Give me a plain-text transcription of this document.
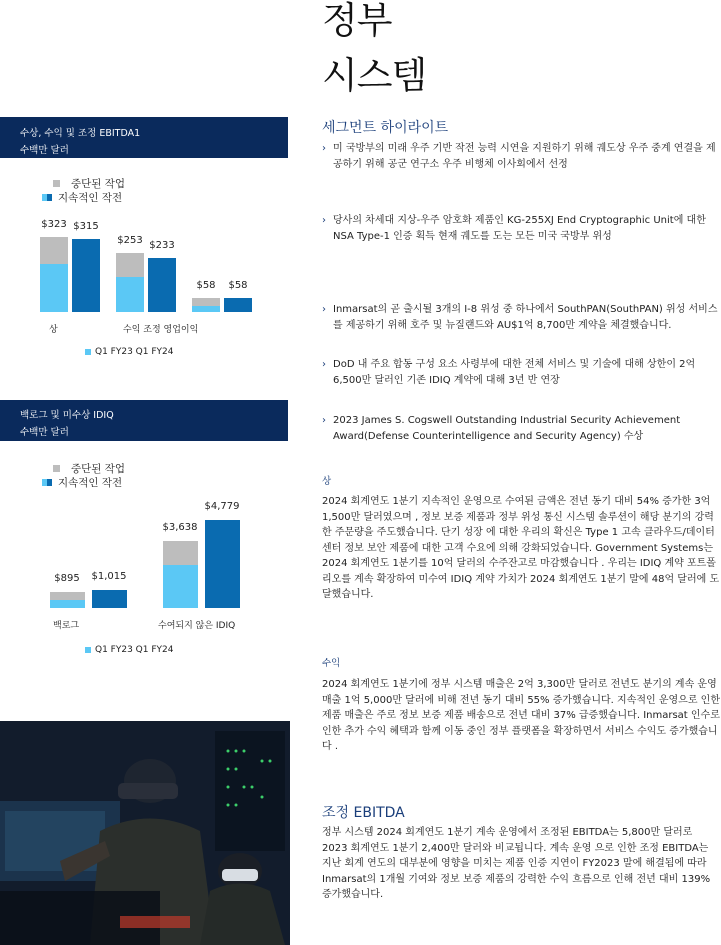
정부
시스템
수상, 수익 및 조정 EBITDA1
수백만 달러
중단된 작업
지속적인 작전
$323 $315
$253 $233
$58	$58
상	수익 조정 영업이익
Q1 FY23 Q1 FY24
백로그 및 미수상 IDIQ
수백만 달러
중단된 작업
지속적인 작전
$895	$1,015
$3,638
$4,779
백로그	수여되지 않은 IDIQ
Q1 FY23 Q1 FY24
세그먼트 하이라이트
› 미 국방부의 미래 우주 기반 작전 능력 시연을 지원하기 위해 궤도상 우주 중계 연결을 제공하기 위해 공군 연구소 우주 비행체 이사회에서 선정
› 당사의 차세대 지상-우주 암호화 제품인 KG-255XJ End Cryptographic Unit에 대한 NSA Type-1 인증 획득 현재 궤도를 도는 모든 미국 국방부 위성
› Inmarsat의 곧 출시될 3개의 I-8 위성 중 하나에서 SouthPAN(SouthPAN) 위성 서비스를 제공하기 위해 호주 및 뉴질랜드와 AU$1억 8,700만 계약을 체결했습니다.
› DoD 내 주요 합동 구성 요소 사령부에 대한 전체 서비스 및 기술에 대해 상한이 2억 6,500만 달러인 기존 IDIQ 계약에 대해 3년 반 연장
› 2023 James S. Cogswell Outstanding Industrial Security Achievement Award(Defense Counterintelligence and Security Agency) 수상
상
2024 회계연도 1분기 지속적인 운영으로 수여된 금액은 전년 동기 대비 54% 증가한 3억 1,500만 달러였으며 , 정보 보증 제품과 정부 위성 통신 시스템 솔루션이 해당 분기의 강력한 주문량을 주도했습니다. 단기 성장 에 대한 우리의 확신은 Type 1 고속 클라우드/데이터 센터 정보 보안 제품에 대한 고객 수요에 의해 강화되었습니다. Government Systems는 2024 회계연도 1분기를 10억 달러의 수주잔고로 마감했습니다 . 우리는 IDIQ 계약 포트폴리오를 계속 확장하여 미수여 IDIQ 계약 가치가 2024 회계연도 1분기 말에 48억 달러에 도달했습니다.
수익
2024 회계연도 1분기에 정부 시스템 매출은 2억 3,300만 달러로 전년도 분기의 계속 운영 매출 1억 5,000만 달러에 비해 전년 동기 대비 55% 증가했습니다. 지속적인 운영으로 인한 제품 매출은 주로 정보 보증 제품 배송으로 전년 대비 37% 급증했습니다. Inmarsat 인수로 인한 추가 수익 혜택과 함께 이동 중인 정부 플랫폼을 확장하면서 서비스 수익도 증가했습니다 .
조정 EBITDA
정부 시스템 2024 회계연도 1분기 계속 운영에서 조정된 EBITDA는 5,800만 달러로 2023 회계연도 1분기 2,400만 달러와 비교됩니다. 계속 운영 으로 인한 조정 EBITDA는 지난 회계 연도의 대부분에 영향을 미치는 제품 인증 지연이 FY2023 말에 해결됨에 따라 Inmarsat의 1개월 기여와 정보 보증 제품의 강력한 수익 흐름으로 인해 전년 대비 139% 증가했습니다.
